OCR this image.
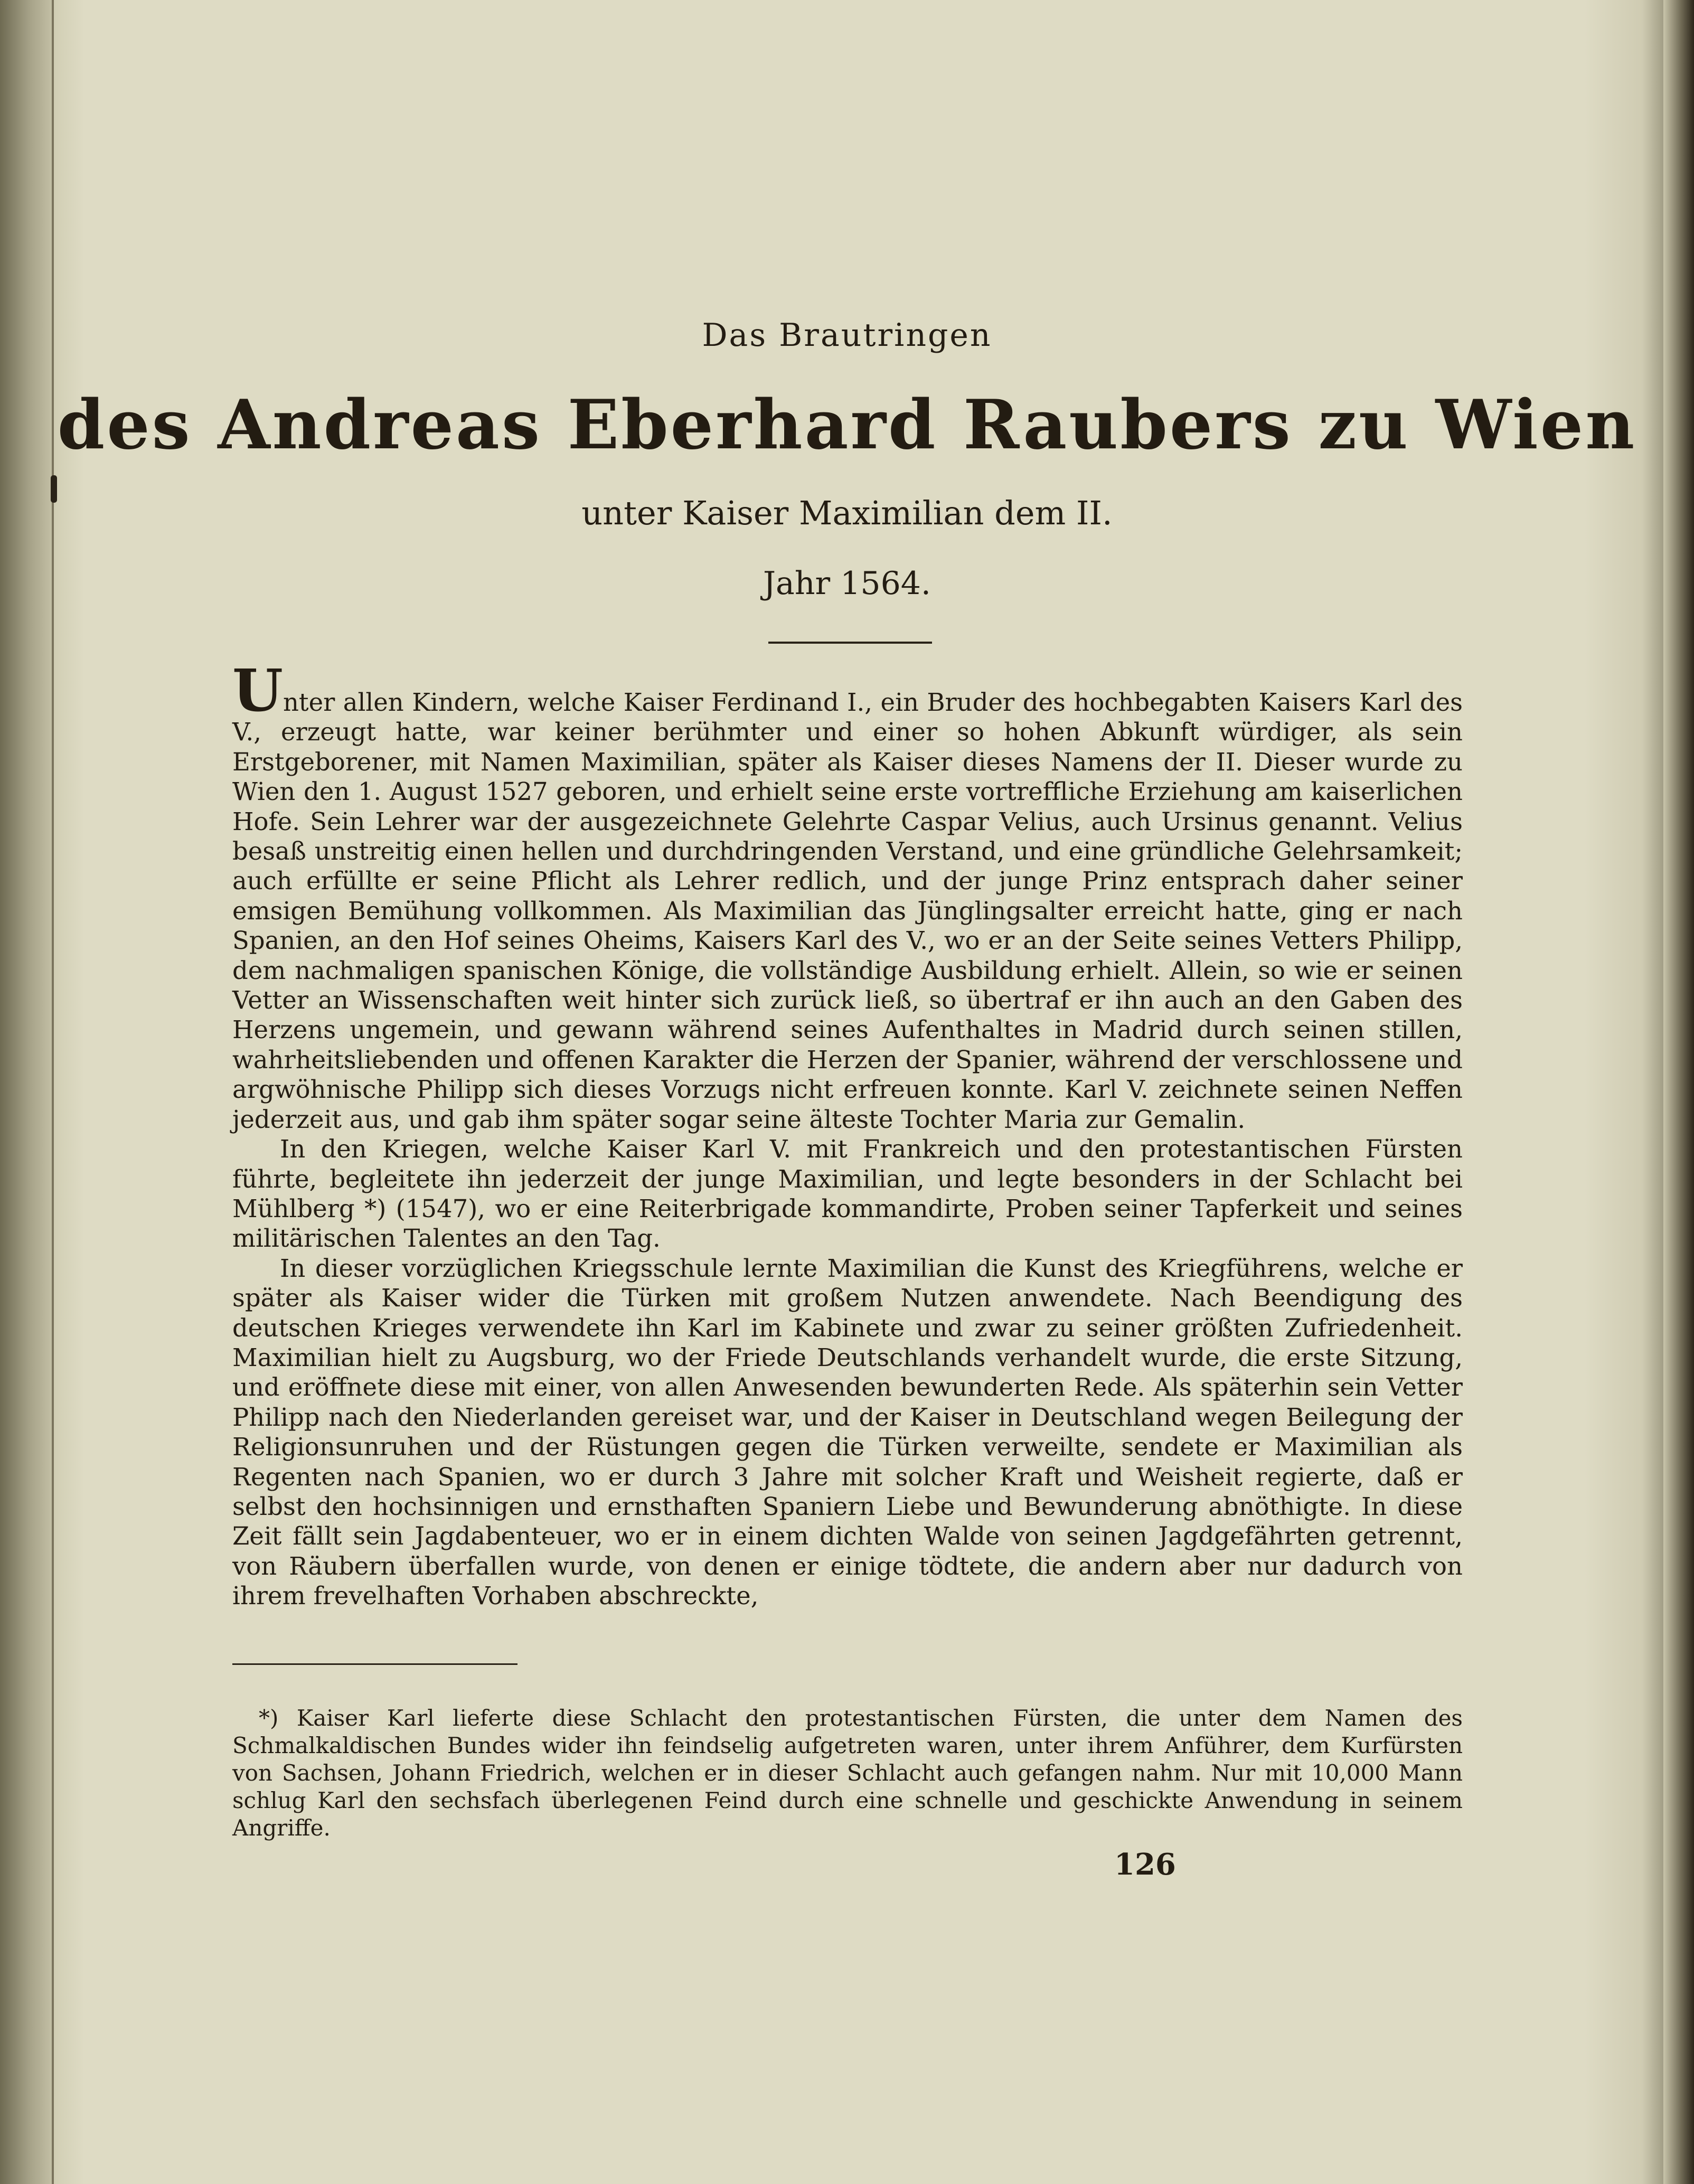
Das Brautringen
des Andreas Eberhard Raubers zu Wien
unter Kaiser Maximilian dem II.
Jahr 1564.

Unter allen Kindern, welche Kaiser Ferdinand I., ein Bruder des hochbegabten Kaisers Karl des V., erzeugt hatte, war keiner berühmter und einer so hohen Abkunft würdiger, als sein Erstgeborener, mit Namen Maximilian, später als Kaiser dieses Namens der II. Dieser wurde zu Wien den 1. August 1527 geboren, und erhielt seine erste vortreffliche Erziehung am kaiserlichen Hofe. Sein Lehrer war der ausgezeichnete Gelehrte Caspar Velius, auch Ursinus genannt. Velius besaß unstreitig einen hellen und durchdringenden Verstand, und eine gründliche Gelehrsamkeit; auch erfüllte er seine Pflicht als Lehrer redlich, und der junge Prinz entsprach daher seiner emsigen Bemühung vollkommen. Als Maximilian das Jünglingsalter erreicht hatte, ging er nach Spanien, an den Hof seines Oheims, Kaisers Karl des V., wo er an der Seite seines Vetters Philipp, dem nachmaligen spanischen Könige, die vollständige Ausbildung erhielt. Allein, so wie er seinen Vetter an Wissenschaften weit hinter sich zurück ließ, so übertraf er ihn auch an den Gaben des Herzens ungemein, und gewann während seines Aufenthaltes in Madrid durch seinen stillen, wahrheitsliebenden und offenen Karakter die Herzen der Spanier, während der verschlossene und argwöhnische Philipp sich dieses Vorzugs nicht erfreuen konnte. Karl V. zeichnete seinen Neffen jederzeit aus, und gab ihm später sogar seine älteste Tochter Maria zur Gemalin.

In den Kriegen, welche Kaiser Karl V. mit Frankreich und den protestantischen Fürsten führte, begleitete ihn jederzeit der junge Maximilian, und legte besonders in der Schlacht bei Mühlberg *) (1547), wo er eine Reiterbrigade kommandirte, Proben seiner Tapferkeit und seines militärischen Talentes an den Tag.

In dieser vorzüglichen Kriegsschule lernte Maximilian die Kunst des Kriegführens, welche er später als Kaiser wider die Türken mit großem Nutzen anwendete. Nach Beendigung des deutschen Krieges verwendete ihn Karl im Kabinete und zwar zu seiner größten Zufriedenheit. Maximilian hielt zu Augsburg, wo der Friede Deutschlands verhandelt wurde, die erste Sitzung, und eröffnete diese mit einer, von allen Anwesenden bewunderten Rede. Als späterhin sein Vetter Philipp nach den Niederlanden gereiset war, und der Kaiser in Deutschland wegen Beilegung der Religionsunruhen und der Rüstungen gegen die Türken verweilte, sendete er Maximilian als Regenten nach Spanien, wo er durch 3 Jahre mit solcher Kraft und Weisheit regierte, daß er selbst den hochsinnigen und ernsthaften Spaniern Liebe und Bewunderung abnöthigte. In diese Zeit fällt sein Jagdabenteuer, wo er in einem dichten Walde von seinen Jagdgefährten getrennt, von Räubern überfallen wurde, von denen er einige tödtete, die andern aber nur dadurch von ihrem frevelhaften Vorhaben abschreckte,

*) Kaiser Karl lieferte diese Schlacht den protestantischen Fürsten, die unter dem Namen des Schmalkaldischen Bundes wider ihn feindselig aufgetreten waren, unter ihrem Anführer, dem Kurfürsten von Sachsen, Johann Friedrich, welchen er in dieser Schlacht auch gefangen nahm. Nur mit 10,000 Mann schlug Karl den sechsfach überlegenen Feind durch eine schnelle und geschickte Anwendung in seinem Angriffe.

126
